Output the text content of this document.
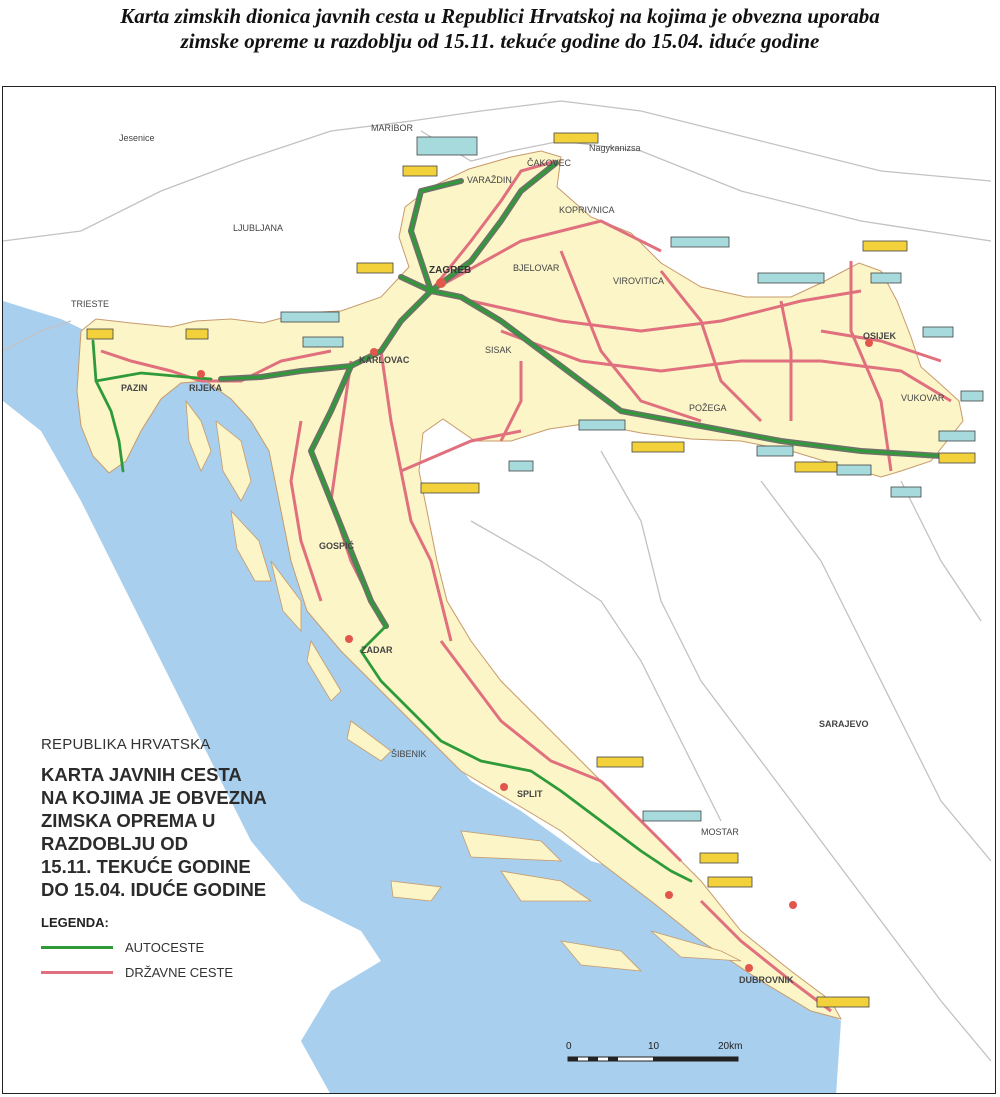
Karta zimskih dionica javnih cesta u Republici Hrvatskoj na kojima je obvezna uporaba
zimske opreme u razdoblju od 15.11. tekuće godine do 15.04. iduće godine
ZAGREB
KARLOVAC
RIJEKA
PAZIN
VARAŽDIN
ČAKOVEC
KOPRIVNICA
BJELOVAR
VIROVITICA
OSIJEK
VUKOVAR
POŽEGA
SISAK
GOSPIĆ
ZADAR
ŠIBENIK
SPLIT
DUBROVNIK
LJUBLJANA
TRIESTE
MARIBOR
SARAJEVO
MOSTAR
Jesenice
Nagykanizsa
REPUBLIKA HRVATSKA
KARTA JAVNIH CESTA
NA KOJIMA JE OBVEZNA
ZIMSKA OPREMA U
RAZDOBLJU OD
15.11. TEKUĆE GODINE
DO 15.04. IDUĆE GODINE
LEGENDA:
AUTOCESTE
DRŽAVNE CESTE
0	10	20km
